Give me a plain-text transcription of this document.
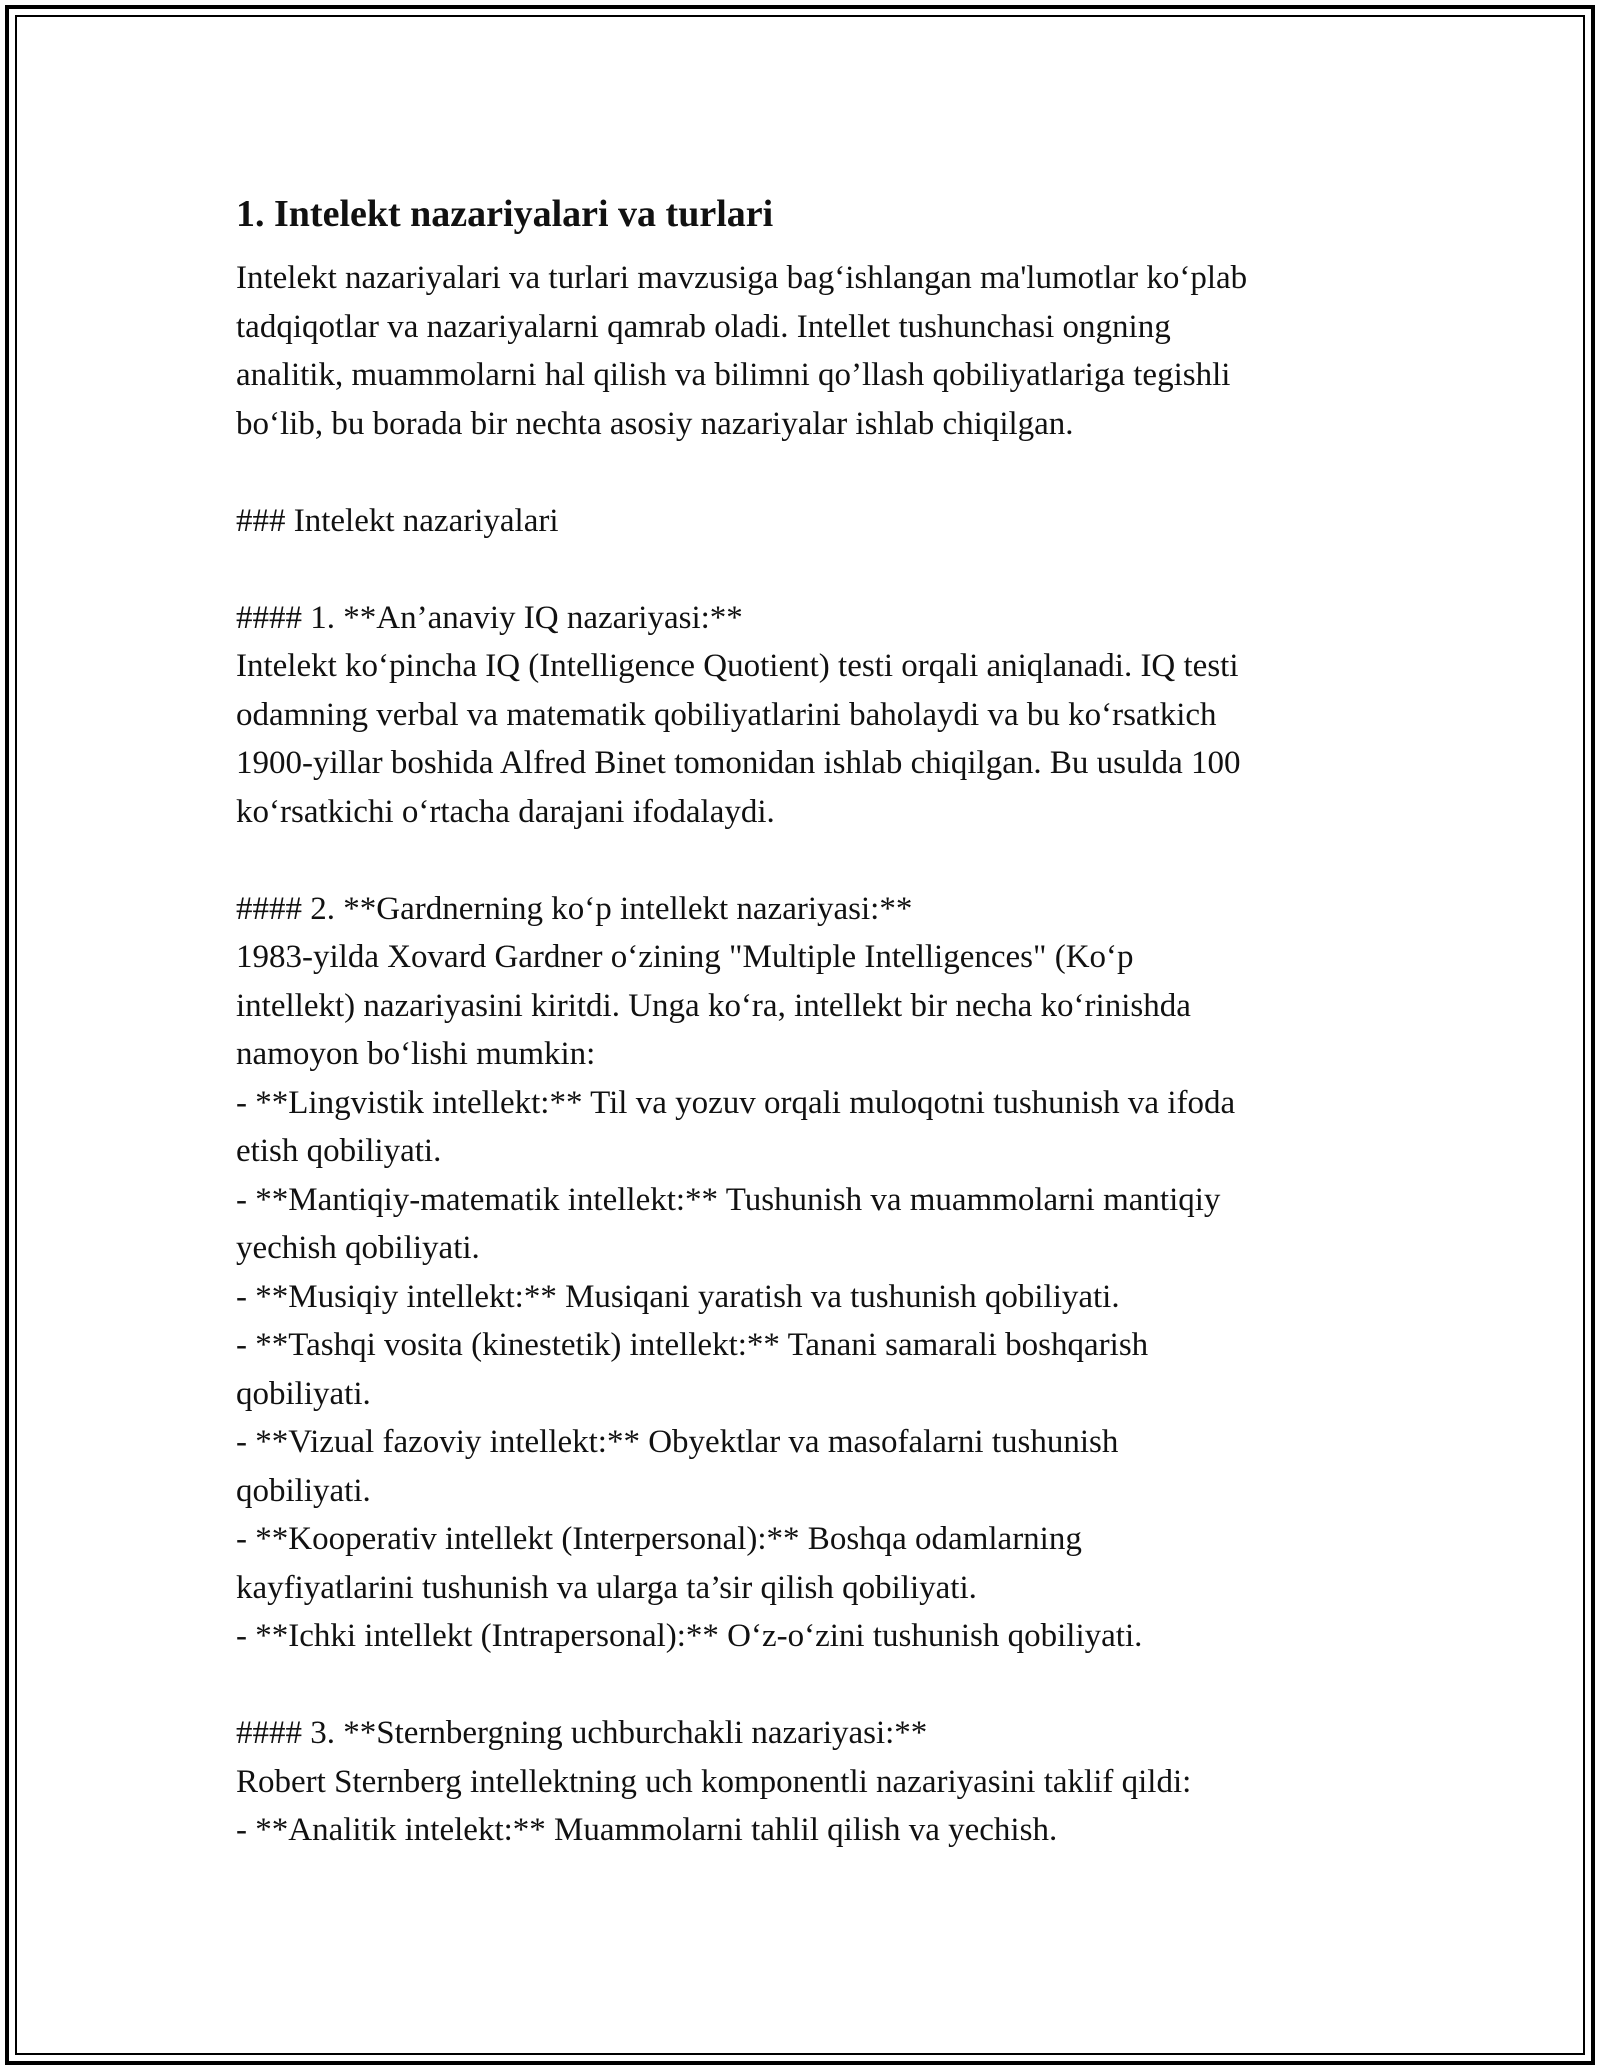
1. Intelekt nazariyalari va turlari
Intelekt nazariyalari va turlari mavzusiga bag‘ishlangan ma'lumotlar ko‘plab
tadqiqotlar va nazariyalarni qamrab oladi. Intellet tushunchasi ongning
analitik, muammolarni hal qilish va bilimni qo’llash qobiliyatlariga tegishli
bo‘lib, bu borada bir nechta asosiy nazariyalar ishlab chiqilgan.
### Intelekt nazariyalari
#### 1. **An’anaviy IQ nazariyasi:**
Intelekt ko‘pincha IQ (Intelligence Quotient) testi orqali aniqlanadi. IQ testi
odamning verbal va matematik qobiliyatlarini baholaydi va bu ko‘rsatkich
1900-yillar boshida Alfred Binet tomonidan ishlab chiqilgan. Bu usulda 100
ko‘rsatkichi o‘rtacha darajani ifodalaydi.
#### 2. **Gardnerning ko‘p intellekt nazariyasi:**
1983-yilda Xovard Gardner o‘zining "Multiple Intelligences" (Ko‘p
intellekt) nazariyasini kiritdi. Unga ko‘ra, intellekt bir necha ko‘rinishda
namoyon bo‘lishi mumkin:
- **Lingvistik intellekt:** Til va yozuv orqali muloqotni tushunish va ifoda
etish qobiliyati.
- **Mantiqiy-matematik intellekt:** Tushunish va muammolarni mantiqiy
yechish qobiliyati.
- **Musiqiy intellekt:** Musiqani yaratish va tushunish qobiliyati.
- **Tashqi vosita (kinestetik) intellekt:** Tanani samarali boshqarish
qobiliyati.
- **Vizual fazoviy intellekt:** Obyektlar va masofalarni tushunish
qobiliyati.
- **Kooperativ intellekt (Interpersonal):** Boshqa odamlarning
kayfiyatlarini tushunish va ularga ta’sir qilish qobiliyati.
- **Ichki intellekt (Intrapersonal):** O‘z-o‘zini tushunish qobiliyati.
#### 3. **Sternbergning uchburchakli nazariyasi:**
Robert Sternberg intellektning uch komponentli nazariyasini taklif qildi:
- **Analitik intelekt:** Muammolarni tahlil qilish va yechish.
